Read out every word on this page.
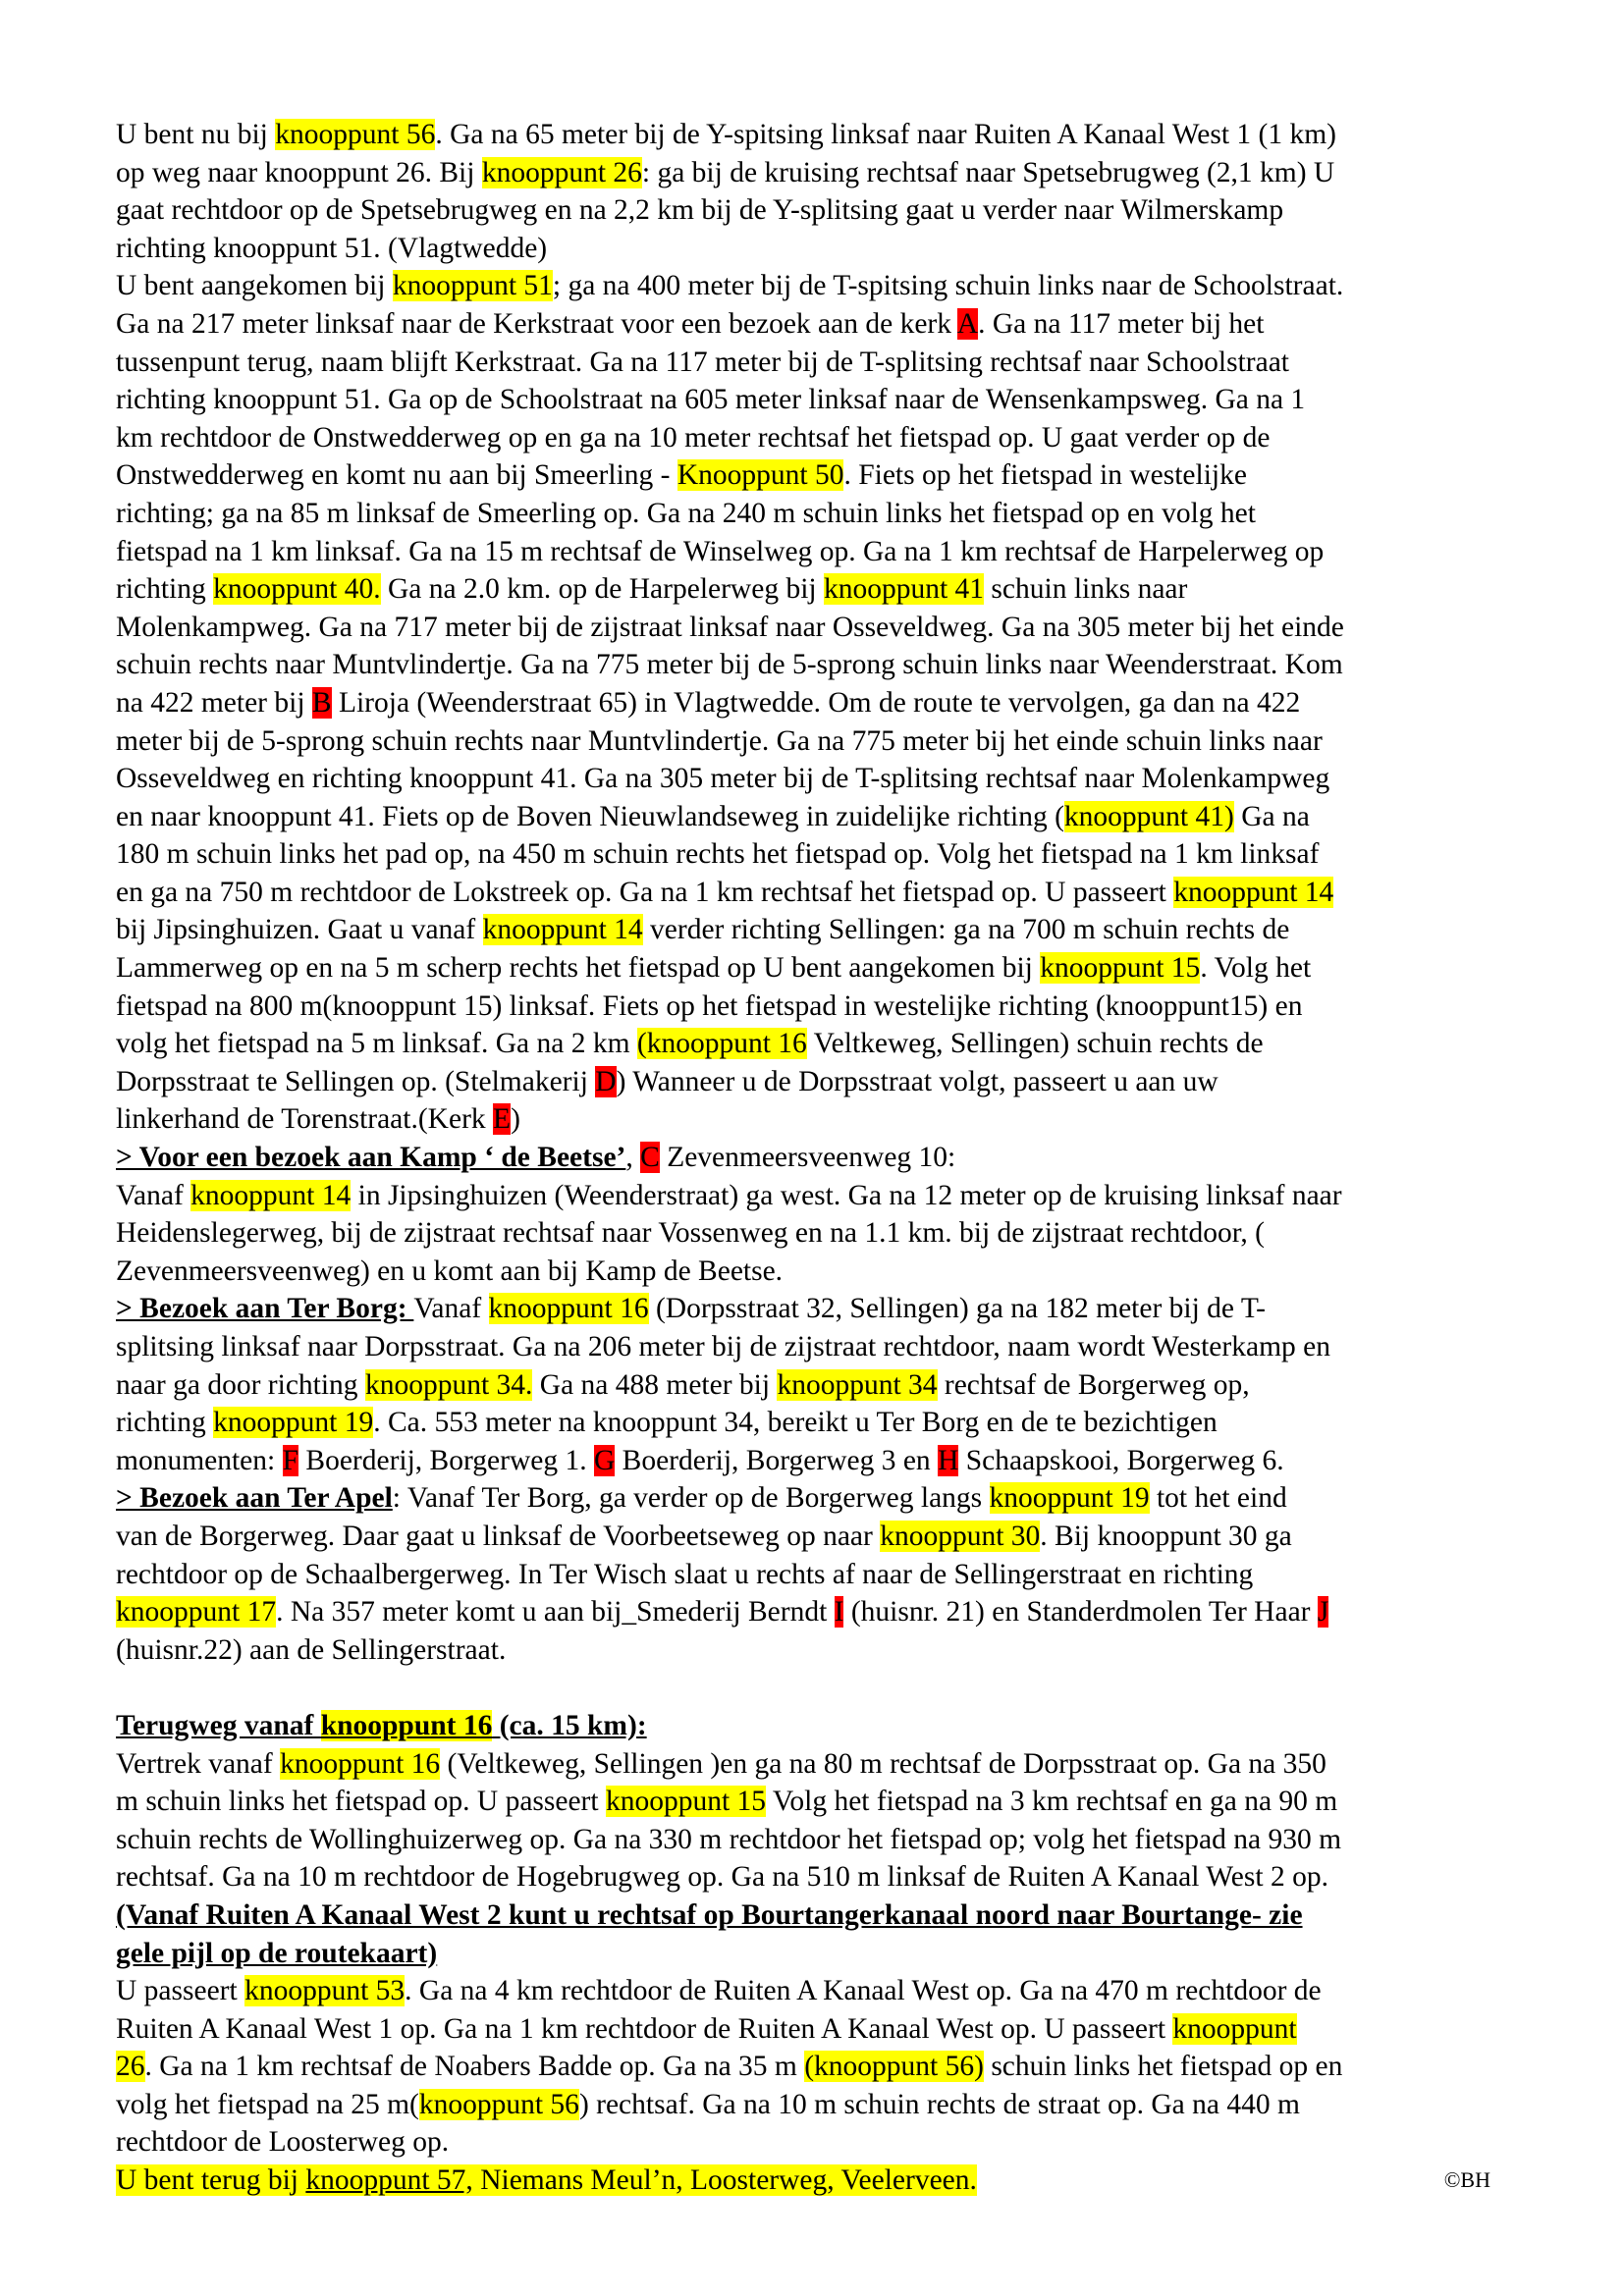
U bent nu bij knooppunt 56. Ga na 65 meter bij de Y-spitsing linksaf naar Ruiten A Kanaal West 1 (1 km)
op weg naar knooppunt 26. Bij knooppunt 26: ga bij de kruising rechtsaf naar Spetsebrugweg (2,1 km) U
gaat rechtdoor op de Spetsebrugweg en na 2,2 km bij de Y-splitsing gaat u verder naar Wilmerskamp
richting knooppunt 51. (Vlagtwedde)
U bent aangekomen bij knooppunt 51; ga na 400 meter bij de T-spitsing schuin links naar de Schoolstraat.
Ga na 217 meter linksaf naar de Kerkstraat voor een bezoek aan de kerk A. Ga na 117 meter bij het
tussenpunt terug, naam blijft Kerkstraat. Ga na 117 meter bij de T-splitsing rechtsaf naar Schoolstraat
richting knooppunt 51. Ga op de Schoolstraat na 605 meter linksaf naar de Wensenkampsweg. Ga na 1
km rechtdoor de Onstwedderweg op en ga na 10 meter rechtsaf het fietspad op. U gaat verder op de
Onstwedderweg en komt nu aan bij Smeerling - Knooppunt 50. Fiets op het fietspad in westelijke
richting; ga na 85 m linksaf de Smeerling op. Ga na 240 m schuin links het fietspad op en volg het
fietspad na 1 km linksaf. Ga na 15 m rechtsaf de Winselweg op. Ga na 1 km rechtsaf de Harpelerweg op
richting knooppunt 40. Ga na 2.0 km. op de Harpelerweg bij knooppunt 41 schuin links naar
Molenkampweg. Ga na 717 meter bij de zijstraat linksaf naar Osseveldweg. Ga na 305 meter bij het einde
schuin rechts naar Muntvlindertje. Ga na 775 meter bij de 5-sprong schuin links naar Weenderstraat. Kom
na 422 meter bij B Liroja (Weenderstraat 65) in Vlagtwedde. Om de route te vervolgen, ga dan na 422
meter bij de 5-sprong schuin rechts naar Muntvlindertje. Ga na 775 meter bij het einde schuin links naar
Osseveldweg en richting knooppunt 41. Ga na 305 meter bij de T-splitsing rechtsaf naar Molenkampweg
en naar knooppunt 41. Fiets op de Boven Nieuwlandseweg in zuidelijke richting (knooppunt 41) Ga na
180 m schuin links het pad op, na 450 m schuin rechts het fietspad op. Volg het fietspad na 1 km linksaf
en ga na 750 m rechtdoor de Lokstreek op. Ga na 1 km rechtsaf het fietspad op. U passeert knooppunt 14
bij Jipsinghuizen. Gaat u vanaf knooppunt 14 verder richting Sellingen: ga na 700 m schuin rechts de
Lammerweg op en na 5 m scherp rechts het fietspad op U bent aangekomen bij knooppunt 15. Volg het
fietspad na 800 m(knooppunt 15) linksaf. Fiets op het fietspad in westelijke richting (knooppunt15) en
volg het fietspad na 5 m linksaf. Ga na 2 km (knooppunt 16 Veltkeweg, Sellingen) schuin rechts de
Dorpsstraat te Sellingen op. (Stelmakerij D) Wanneer u de Dorpsstraat volgt, passeert u aan uw
linkerhand de Torenstraat.(Kerk E)
> Voor een bezoek aan Kamp ‘ de Beetse’, C Zevenmeersveenweg 10:
Vanaf knooppunt 14 in Jipsinghuizen (Weenderstraat) ga west. Ga na 12 meter op de kruising linksaf naar
Heidenslegerweg, bij de zijstraat rechtsaf naar Vossenweg en na 1.1 km. bij de zijstraat rechtdoor, (
Zevenmeersveenweg) en u komt aan bij Kamp de Beetse.
> Bezoek aan Ter Borg: Vanaf knooppunt 16 (Dorpsstraat 32, Sellingen) ga na 182 meter bij de T-
splitsing linksaf naar Dorpsstraat. Ga na 206 meter bij de zijstraat rechtdoor, naam wordt Westerkamp en
naar ga door richting knooppunt 34. Ga na 488 meter bij knooppunt 34 rechtsaf de Borgerweg op,
richting knooppunt 19. Ca. 553 meter na knooppunt 34, bereikt u Ter Borg en de te bezichtigen
monumenten: F Boerderij, Borgerweg 1. G Boerderij, Borgerweg 3 en H Schaapskooi, Borgerweg 6.
> Bezoek aan Ter Apel: Vanaf Ter Borg, ga verder op de Borgerweg langs knooppunt 19 tot het eind
van de Borgerweg. Daar gaat u linksaf de Voorbeetseweg op naar knooppunt 30. Bij knooppunt 30 ga
rechtdoor op de Schaalbergerweg. In Ter Wisch slaat u rechts af naar de Sellingerstraat en richting
knooppunt 17. Na 357 meter komt u aan bij_Smederij Berndt I (huisnr. 21) en Standerdmolen Ter Haar J
(huisnr.22) aan de Sellingerstraat.
Terugweg vanaf knooppunt 16 (ca. 15 km):
Vertrek vanaf knooppunt 16 (Veltkeweg, Sellingen )en ga na 80 m rechtsaf de Dorpsstraat op. Ga na 350
m schuin links het fietspad op. U passeert knooppunt 15 Volg het fietspad na 3 km rechtsaf en ga na 90 m
schuin rechts de Wollinghuizerweg op. Ga na 330 m rechtdoor het fietspad op; volg het fietspad na 930 m
rechtsaf. Ga na 10 m rechtdoor de Hogebrugweg op. Ga na 510 m linksaf de Ruiten A Kanaal West 2 op.
(Vanaf Ruiten A Kanaal West 2 kunt u rechtsaf op Bourtangerkanaal noord naar Bourtange- zie
gele pijl op de routekaart)
U passeert knooppunt 53. Ga na 4 km rechtdoor de Ruiten A Kanaal West op. Ga na 470 m rechtdoor de
Ruiten A Kanaal West 1 op. Ga na 1 km rechtdoor de Ruiten A Kanaal West op. U passeert knooppunt
26. Ga na 1 km rechtsaf de Noabers Badde op. Ga na 35 m (knooppunt 56) schuin links het fietspad op en
volg het fietspad na 25 m(knooppunt 56) rechtsaf. Ga na 10 m schuin rechts de straat op. Ga na 440 m
rechtdoor de Loosterweg op.
U bent terug bij knooppunt 57, Niemans Meul’n, Loosterweg, Veelerveen.	©BH
